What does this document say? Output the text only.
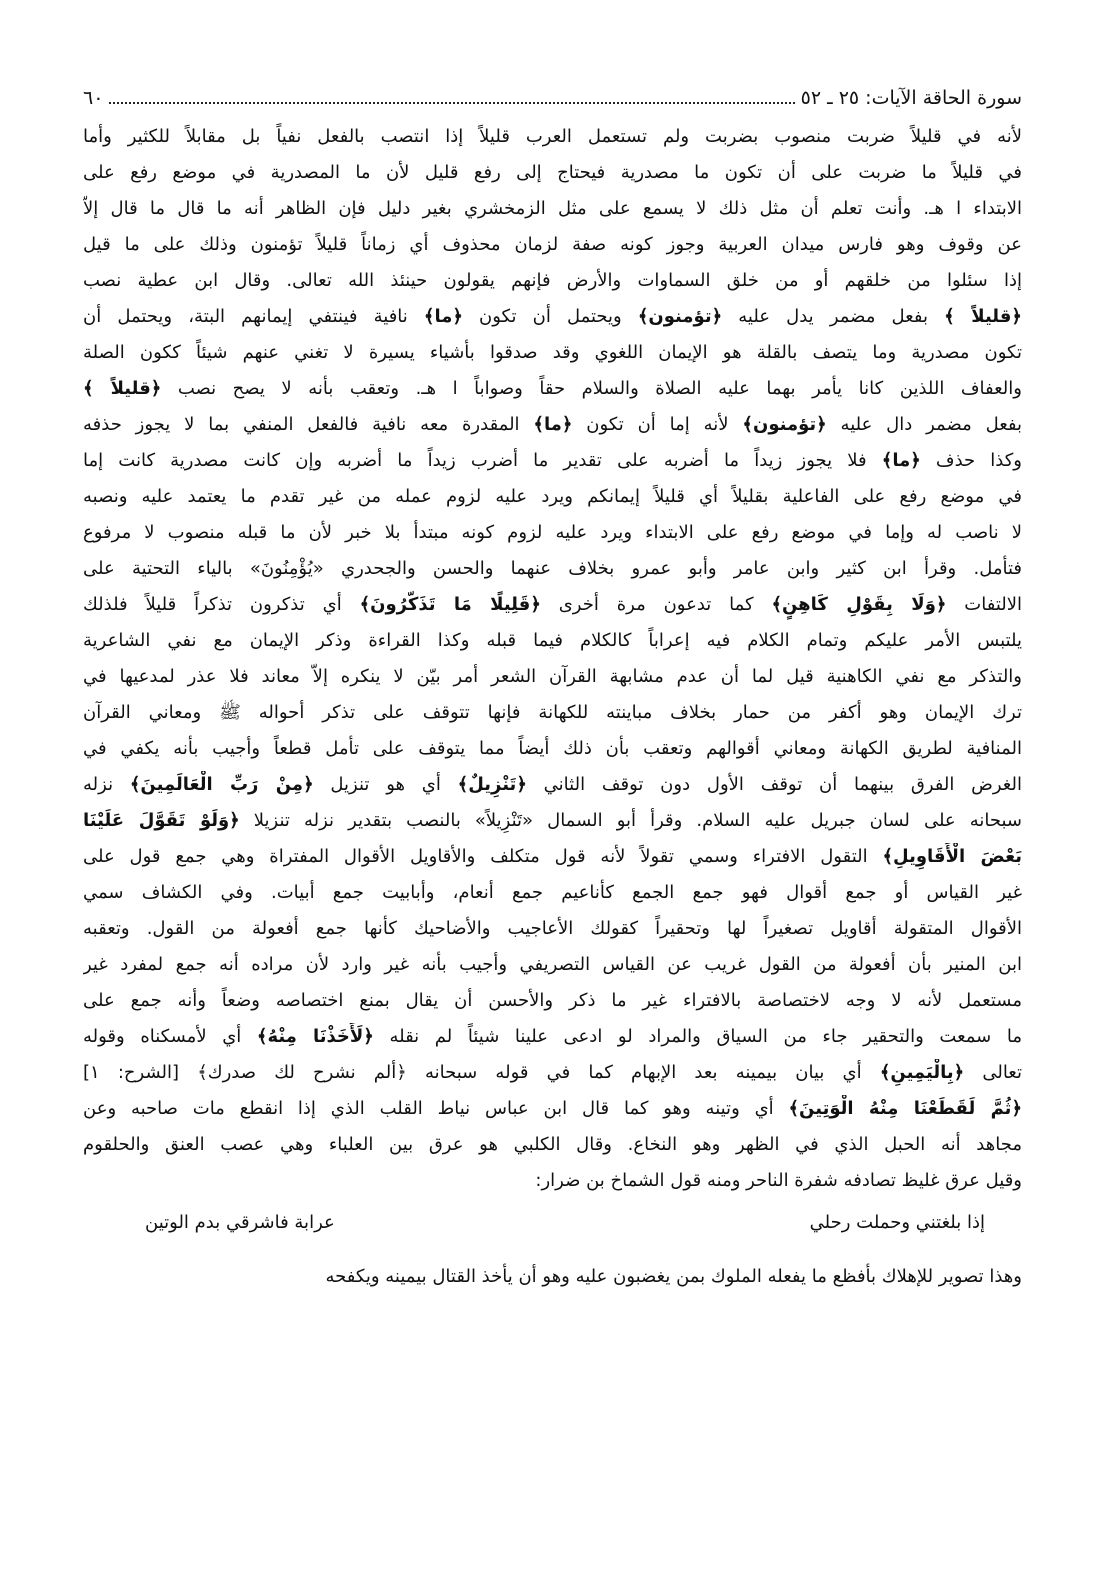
سورة الحاقة الآيات: ٢٥ ـ ٥٢
٦٠
لأنه في قليلاً ضربت منصوب بضربت ولم تستعمل العرب قليلاً إذا انتصب بالفعل نفياً بل مقابلاً للكثير وأما
في قليلاً ما ضربت على أن تكون ما مصدرية فيحتاج إلى رفع قليل لأن ما المصدرية في موضع رفع على
الابتداء ا هـ. وأنت تعلم أن مثل ذلك لا يسمع على مثل الزمخشري بغير دليل فإن الظاهر أنه ما قال ما قال إلاّ
عن وقوف وهو فارس ميدان العربية وجوز كونه صفة لزمان محذوف أي زماناً قليلاً تؤمنون وذلك على ما قيل
إذا سئلوا من خلقهم أو من خلق السماوات والأرض فإنهم يقولون حينئذ الله تعالى. وقال ابن عطية نصب
﴿قليلاً ﴾ بفعل مضمر يدل عليه ﴿تؤمنون﴾ ويحتمل أن تكون ﴿ما﴾ نافية فينتفي إيمانهم البتة، ويحتمل أن
تكون مصدرية وما يتصف بالقلة هو الإيمان اللغوي وقد صدقوا بأشياء يسيرة لا تغني عنهم شيئاً ككون الصلة
والعفاف اللذين كانا يأمر بهما عليه الصلاة والسلام حقاً وصواباً ا هـ. وتعقب بأنه لا يصح نصب ﴿قليلاً ﴾
بفعل مضمر دال عليه ﴿تؤمنون﴾ لأنه إما أن تكون ﴿ما﴾ المقدرة معه نافية فالفعل المنفي بما لا يجوز حذفه
وكذا حذف ﴿ما﴾ فلا يجوز زيداً ما أضربه على تقدير ما أضرب زيداً ما أضربه وإن كانت مصدرية كانت إما
في موضع رفع على الفاعلية بقليلاً أي قليلاً إيمانكم ويرد عليه لزوم عمله من غير تقدم ما يعتمد عليه ونصبه
لا ناصب له وإما في موضع رفع على الابتداء ويرد عليه لزوم كونه مبتدأ بلا خبر لأن ما قبله منصوب لا مرفوع
فتأمل. وقرأ ابن كثير وابن عامر وأبو عمرو بخلاف عنهما والحسن والجحدري «يُؤْمِنُونَ» بالياء التحتية على
الالتفات ﴿وَلَا بِقَوْلِ كَاهِنٍ﴾ كما تدعون مرة أخرى ﴿قَلِيلًا مَا تَذَكَّرُونَ﴾ أي تذكرون تذكراً قليلاً فلذلك
يلتبس الأمر عليكم وتمام الكلام فيه إعراباً كالكلام فيما قبله وكذا القراءة وذكر الإيمان مع نفي الشاعرية
والتذكر مع نفي الكاهنية قيل لما أن عدم مشابهة القرآن الشعر أمر بيّن لا ينكره إلاّ معاند فلا عذر لمدعيها في
ترك الإيمان وهو أكفر من حمار بخلاف مباينته للكهانة فإنها تتوقف على تذكر أحواله ﷺ ومعاني القرآن
المنافية لطريق الكهانة ومعاني أقوالهم وتعقب بأن ذلك أيضاً مما يتوقف على تأمل قطعاً وأجيب بأنه يكفي في
الغرض الفرق بينهما أن توقف الأول دون توقف الثاني ﴿تَنْزِيلٌ﴾ أي هو تنزيل ﴿مِنْ رَبِّ الْعَالَمِينَ﴾ نزله
سبحانه على لسان جبريل عليه السلام. وقرأ أبو السمال «تَنْزِيلاً» بالنصب بتقدير نزله تنزيلا ﴿وَلَوْ تَقَوَّلَ عَلَيْنَا
بَعْضَ الْأَقَاوِيلِ﴾ التقول الافتراء وسمي تقولاً لأنه قول متكلف والأقاويل الأقوال المفتراة وهي جمع قول على
غير القياس أو جمع أقوال فهو جمع الجمع كأناعيم جمع أنعام، وأبابيت جمع أبيات. وفي الكشاف سمي
الأقوال المتقولة أقاويل تصغيراً لها وتحقيراً كقولك الأعاجيب والأضاحيك كأنها جمع أفعولة من القول. وتعقبه
ابن المنير بأن أفعولة من القول غريب عن القياس التصريفي وأجيب بأنه غير وارد لأن مراده أنه جمع لمفرد غير
مستعمل لأنه لا وجه لاختصاصة بالافتراء غير ما ذكر والأحسن أن يقال بمنع اختصاصه وضعاً وأنه جمع على
ما سمعت والتحقير جاء من السياق والمراد لو ادعى علينا شيئاً لم نقله ﴿لَأَخَذْنَا مِنْهُ﴾ أي لأمسكناه وقوله
تعالى ﴿بِالْيَمِينِ﴾ أي بيان بيمينه بعد الإبهام كما في قوله سبحانه ﴿ألم نشرح لك صدرك﴾ [الشرح: ١]
﴿ثُمَّ لَقَطَعْنَا مِنْهُ الْوَتِينَ﴾ أي وتينه وهو كما قال ابن عباس نياط القلب الذي إذا انقطع مات صاحبه وعن
مجاهد أنه الحبل الذي في الظهر وهو النخاع. وقال الكلبي هو عرق بين العلباء وهي عصب العنق والحلقوم
وقيل عرق غليظ تصادفه شفرة الناحر ومنه قول الشماخ بن ضرار:
إذا بلغتني وحملت رحلي
عرابة فاشرقي بدم الوتين
وهذا تصوير للإهلاك بأفظع ما يفعله الملوك بمن يغضبون عليه وهو أن يأخذ القتال بيمينه ويكفحه
